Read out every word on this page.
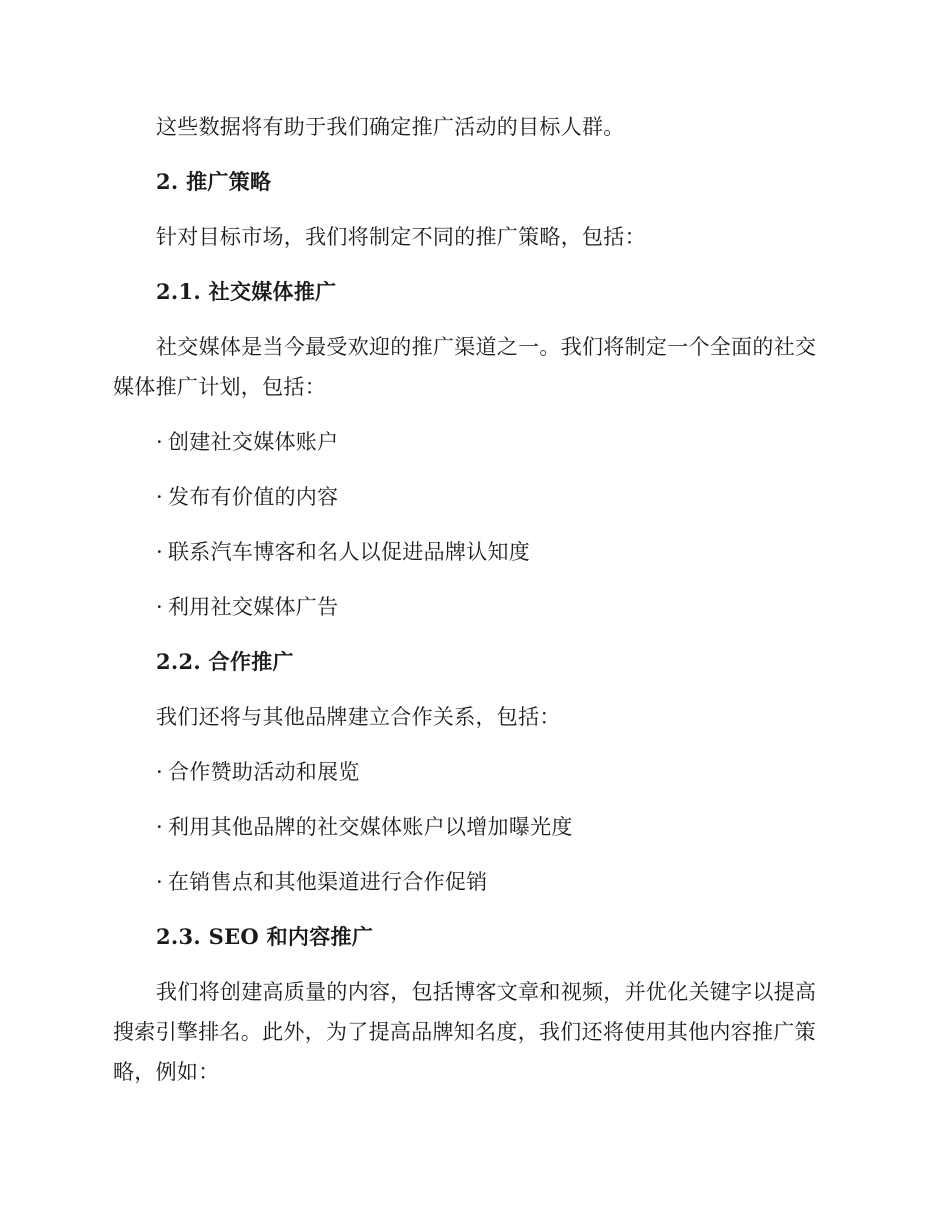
这些数据将有助于我们确定推广活动的目标人群。
2. 推广策略
针对目标市场，我们将制定不同的推广策略，包括：
2.1. 社交媒体推广
社交媒体是当今最受欢迎的推广渠道之一。我们将制定一个全面的社交
媒体推广计划，包括：
· 创建社交媒体账户
· 发布有价值的内容
· 联系汽车博客和名人以促进品牌认知度
· 利用社交媒体广告
2.2. 合作推广
我们还将与其他品牌建立合作关系，包括：
· 合作赞助活动和展览
· 利用其他品牌的社交媒体账户以增加曝光度
· 在销售点和其他渠道进行合作促销
2.3. SEO 和内容推广
我们将创建高质量的内容，包括博客文章和视频，并优化关键字以提高
搜索引擎排名。此外，为了提高品牌知名度，我们还将使用其他内容推广策
略，例如：
